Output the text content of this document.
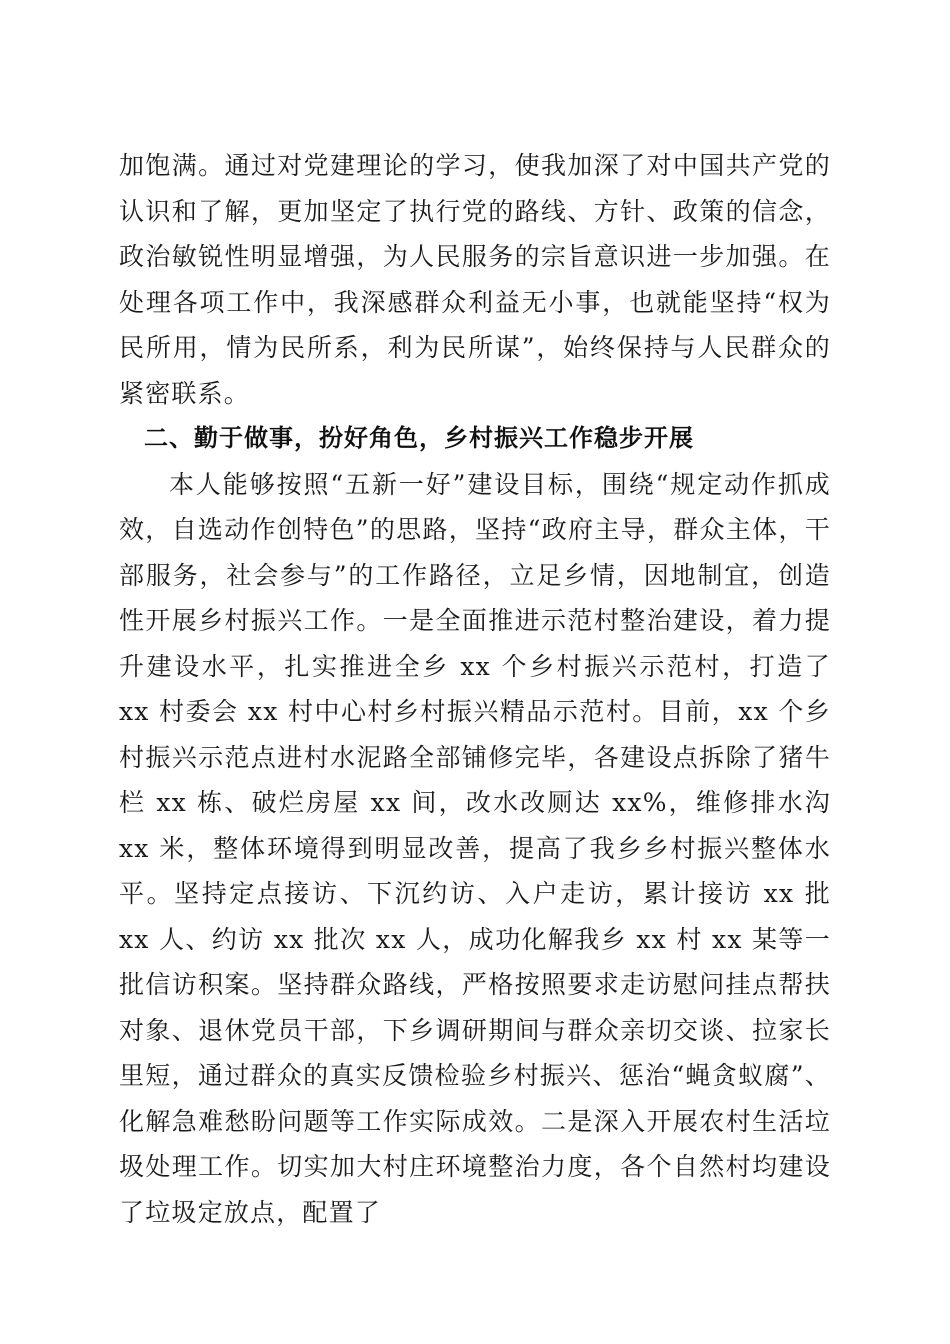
加饱满。通过对党建理论的学习，使我加深了对中国共产党的认识和了解，更加坚定了执行党的路线、方针、政策的信念，政治敏锐性明显增强，为人民服务的宗旨意识进一步加强。在处理各项工作中，我深感群众利益无小事，也就能坚持“权为民所用，情为民所系，利为民所谋”，始终保持与人民群众的紧密联系。

二、勤于做事，扮好角色，乡村振兴工作稳步开展

本人能够按照“五新一好”建设目标，围绕“规定动作抓成效，自选动作创特色”的思路，坚持“政府主导，群众主体，干部服务，社会参与”的工作路径，立足乡情，因地制宜，创造性开展乡村振兴工作。一是全面推进示范村整治建设，着力提升建设水平，扎实推进全乡 xx 个乡村振兴示范村，打造了 xx 村委会 xx 村中心村乡村振兴精品示范村。目前，xx 个乡村振兴示范点进村水泥路全部铺修完毕，各建设点拆除了猪牛栏 xx 栋、破烂房屋 xx 间，改水改厕达 xx%，维修排水沟 xx 米，整体环境得到明显改善，提高了我乡乡村振兴整体水平。坚持定点接访、下沉约访、入户走访，累计接访 xx 批 xx 人、约访 xx 批次 xx 人，成功化解我乡 xx 村 xx 某等一批信访积案。坚持群众路线，严格按照要求走访慰问挂点帮扶对象、退休党员干部，下乡调研期间与群众亲切交谈、拉家长里短，通过群众的真实反馈检验乡村振兴、惩治“蝇贪蚁腐”、化解急难愁盼问题等工作实际成效。二是深入开展农村生活垃圾处理工作。切实加大村庄环境整治力度，各个自然村均建设了垃圾定放点，配置了
